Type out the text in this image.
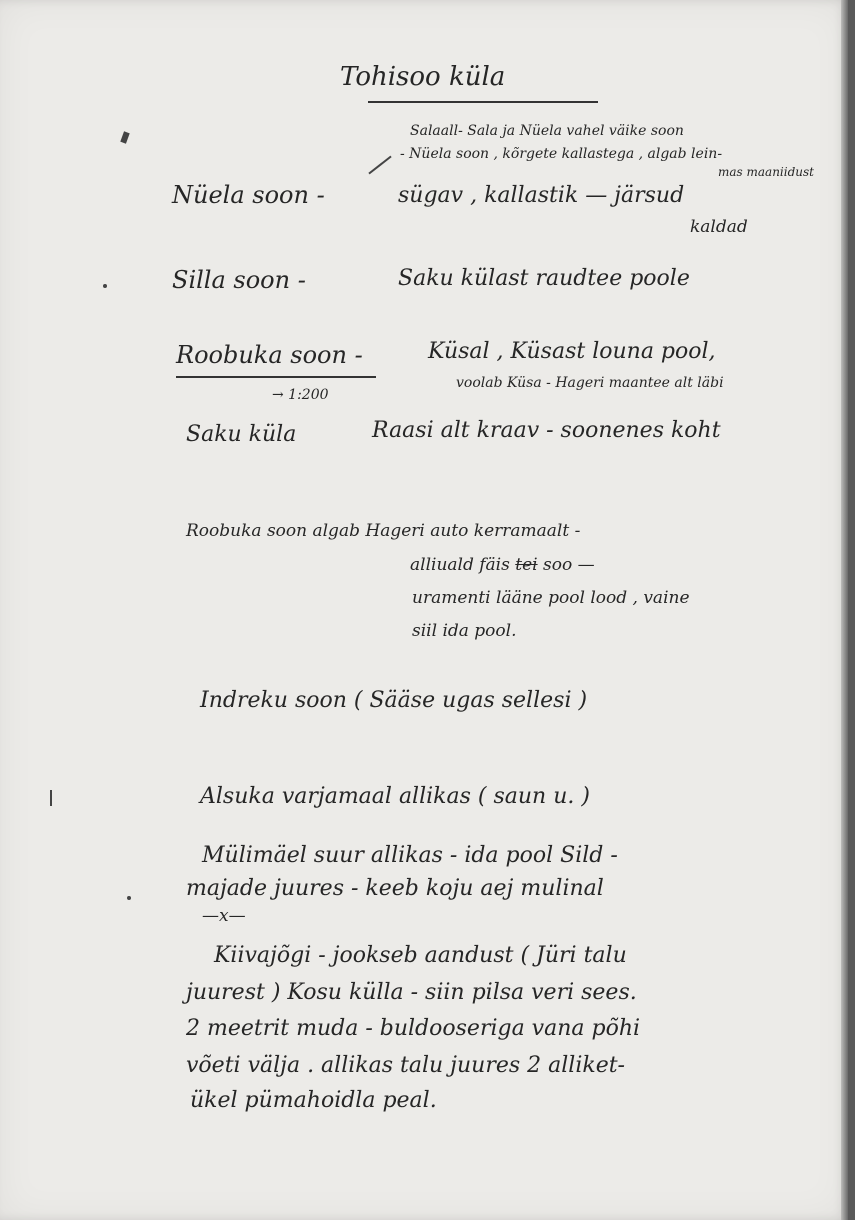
Tohisoo küla

Salaall- Sala ja Nüela vahel väike soon

- Nüela soon , kõrgete kallastega , algab lein-

mas maaniidust

Nüela soon -	sügav , kallastik — järsud

kaldad

Silla soon -	Saku külast raudtee poole

Roobuka soon -	Küsal , Küsast louna pool,

→ 1:200

voolab Küsa - Hageri maantee alt läbi

Saku küla	Raasi alt kraav - soonenes koht

Roobuka soon algab Hageri auto kerramaalt -

alliuald fäis tei soo —

uramenti lääne pool lood , vaine

siil ida pool.

Indreku soon ( Sääse ugas sellesi )

Alsuka varjamaal allikas ( saun u. )

Mülimäel suur allikas - ida pool Sild -

majade juures - keeb koju aej mulinal

—x—

Kiivajõgi - jookseb aandust ( Jüri talu

juurest ) Kosu külla - siin pilsa veri sees.

2 meetrit muda - buldooseriga vana põhi

võeti välja . allikas talu juures 2 alliket-

ükel pümahoidla peal.
